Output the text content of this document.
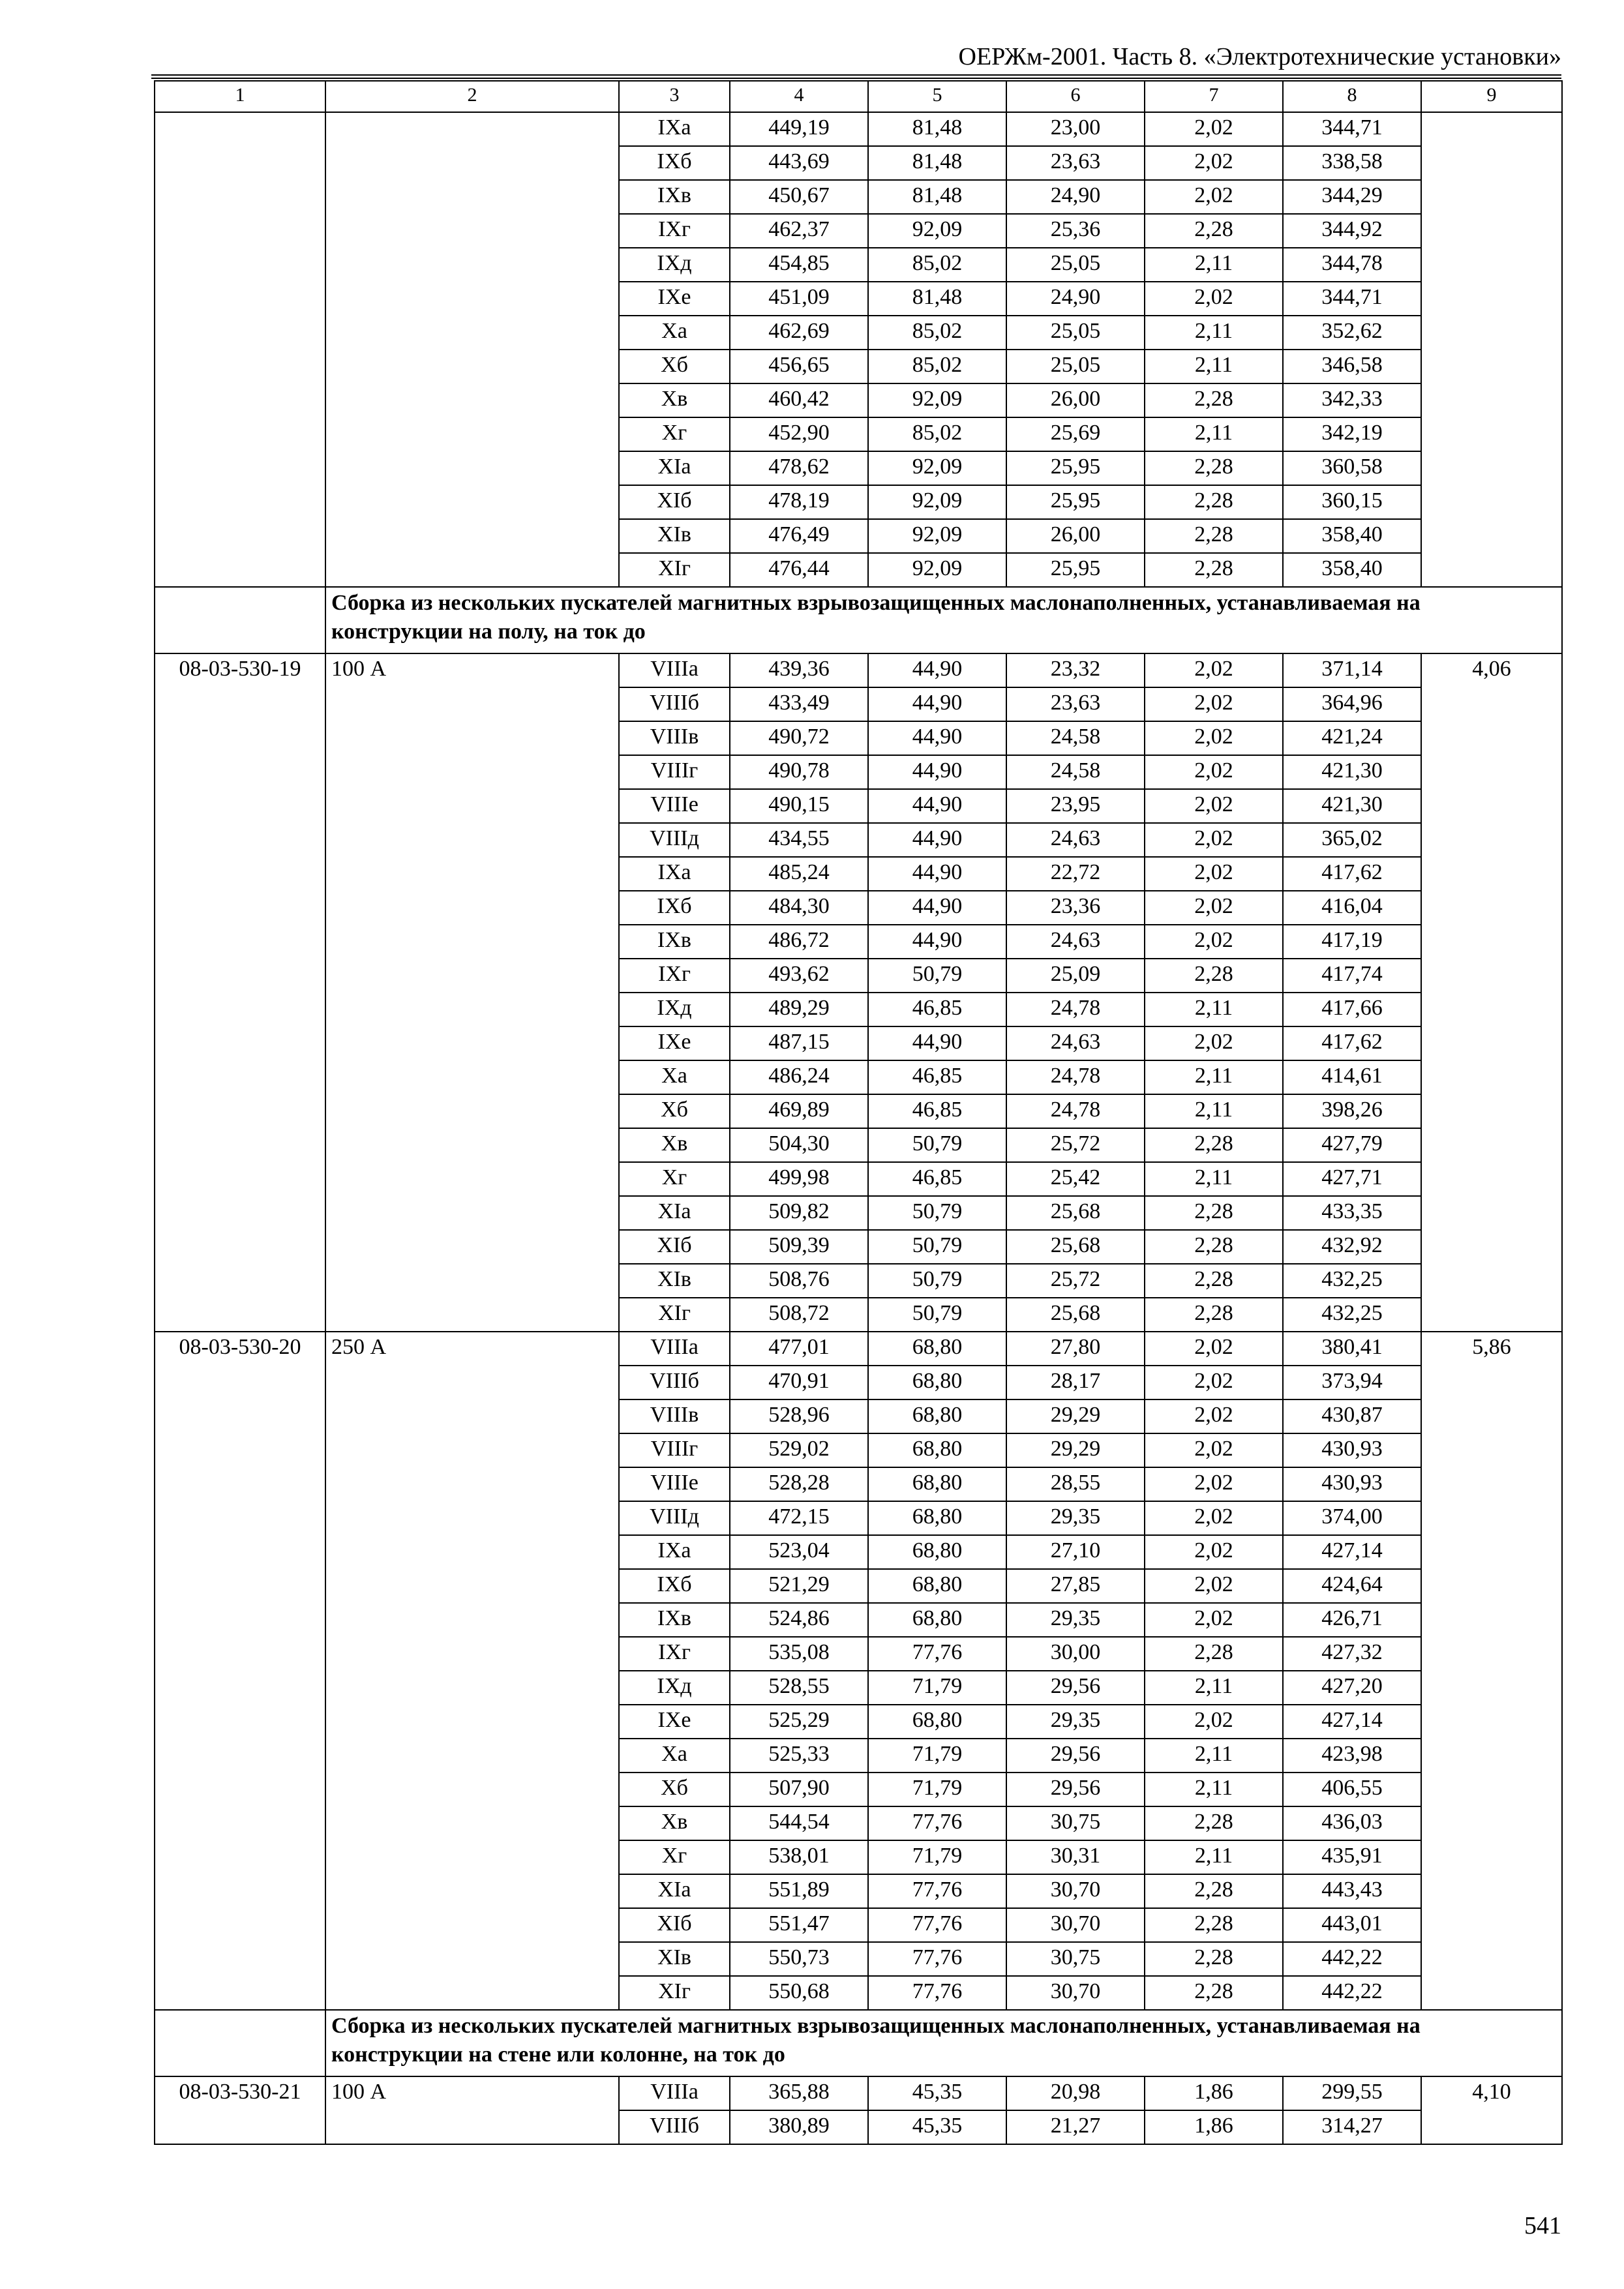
ОЕРЖм-2001. Часть 8. «Электротехнические установки»
1	2	3	4	5	6	7	8	9
		IXa	449,19	81,48	23,00	2,02	344,71	
		IXб	443,69	81,48	23,63	2,02	338,58	
		IXв	450,67	81,48	24,90	2,02	344,29	
		IXг	462,37	92,09	25,36	2,28	344,92	
		IXд	454,85	85,02	25,05	2,11	344,78	
		IXе	451,09	81,48	24,90	2,02	344,71	
		Xa	462,69	85,02	25,05	2,11	352,62	
		Xб	456,65	85,02	25,05	2,11	346,58	
		Xв	460,42	92,09	26,00	2,28	342,33	
		Xг	452,90	85,02	25,69	2,11	342,19	
		XIa	478,62	92,09	25,95	2,28	360,58	
		XIб	478,19	92,09	25,95	2,28	360,15	
		XIв	476,49	92,09	26,00	2,28	358,40	
		XIг	476,44	92,09	25,95	2,28	358,40	
	Сборка из нескольких пускателей магнитных взрывозащищенных маслонаполненных, устанавливаемая на конструкции на полу, на ток до							
08-03-530-19	100 А	VIIIa	439,36	44,90	23,32	2,02	371,14	4,06
		VIIIб	433,49	44,90	23,63	2,02	364,96	
		VIIIв	490,72	44,90	24,58	2,02	421,24	
		VIIIг	490,78	44,90	24,58	2,02	421,30	
		VIIIе	490,15	44,90	23,95	2,02	421,30	
		VIIIд	434,55	44,90	24,63	2,02	365,02	
		IXa	485,24	44,90	22,72	2,02	417,62	
		IXб	484,30	44,90	23,36	2,02	416,04	
		IXв	486,72	44,90	24,63	2,02	417,19	
		IXг	493,62	50,79	25,09	2,28	417,74	
		IXд	489,29	46,85	24,78	2,11	417,66	
		IXе	487,15	44,90	24,63	2,02	417,62	
		Xa	486,24	46,85	24,78	2,11	414,61	
		Xб	469,89	46,85	24,78	2,11	398,26	
		Xв	504,30	50,79	25,72	2,28	427,79	
		Xг	499,98	46,85	25,42	2,11	427,71	
		XIa	509,82	50,79	25,68	2,28	433,35	
		XIб	509,39	50,79	25,68	2,28	432,92	
		XIв	508,76	50,79	25,72	2,28	432,25	
		XIг	508,72	50,79	25,68	2,28	432,25	
08-03-530-20	250 А	VIIIa	477,01	68,80	27,80	2,02	380,41	5,86
		VIIIб	470,91	68,80	28,17	2,02	373,94	
		VIIIв	528,96	68,80	29,29	2,02	430,87	
		VIIIг	529,02	68,80	29,29	2,02	430,93	
		VIIIе	528,28	68,80	28,55	2,02	430,93	
		VIIIд	472,15	68,80	29,35	2,02	374,00	
		IXa	523,04	68,80	27,10	2,02	427,14	
		IXб	521,29	68,80	27,85	2,02	424,64	
		IXв	524,86	68,80	29,35	2,02	426,71	
		IXг	535,08	77,76	30,00	2,28	427,32	
		IXд	528,55	71,79	29,56	2,11	427,20	
		IXе	525,29	68,80	29,35	2,02	427,14	
		Xa	525,33	71,79	29,56	2,11	423,98	
		Xб	507,90	71,79	29,56	2,11	406,55	
		Xв	544,54	77,76	30,75	2,28	436,03	
		Xг	538,01	71,79	30,31	2,11	435,91	
		XIa	551,89	77,76	30,70	2,28	443,43	
		XIб	551,47	77,76	30,70	2,28	443,01	
		XIв	550,73	77,76	30,75	2,28	442,22	
		XIг	550,68	77,76	30,70	2,28	442,22	
	Сборка из нескольких пускателей магнитных взрывозащищенных маслонаполненных, устанавливаемая на конструкции на стене или колонне, на ток до							
08-03-530-21	100 А	VIIIa	365,88	45,35	20,98	1,86	299,55	4,10
		VIIIб	380,89	45,35	21,27	1,86	314,27	
541
